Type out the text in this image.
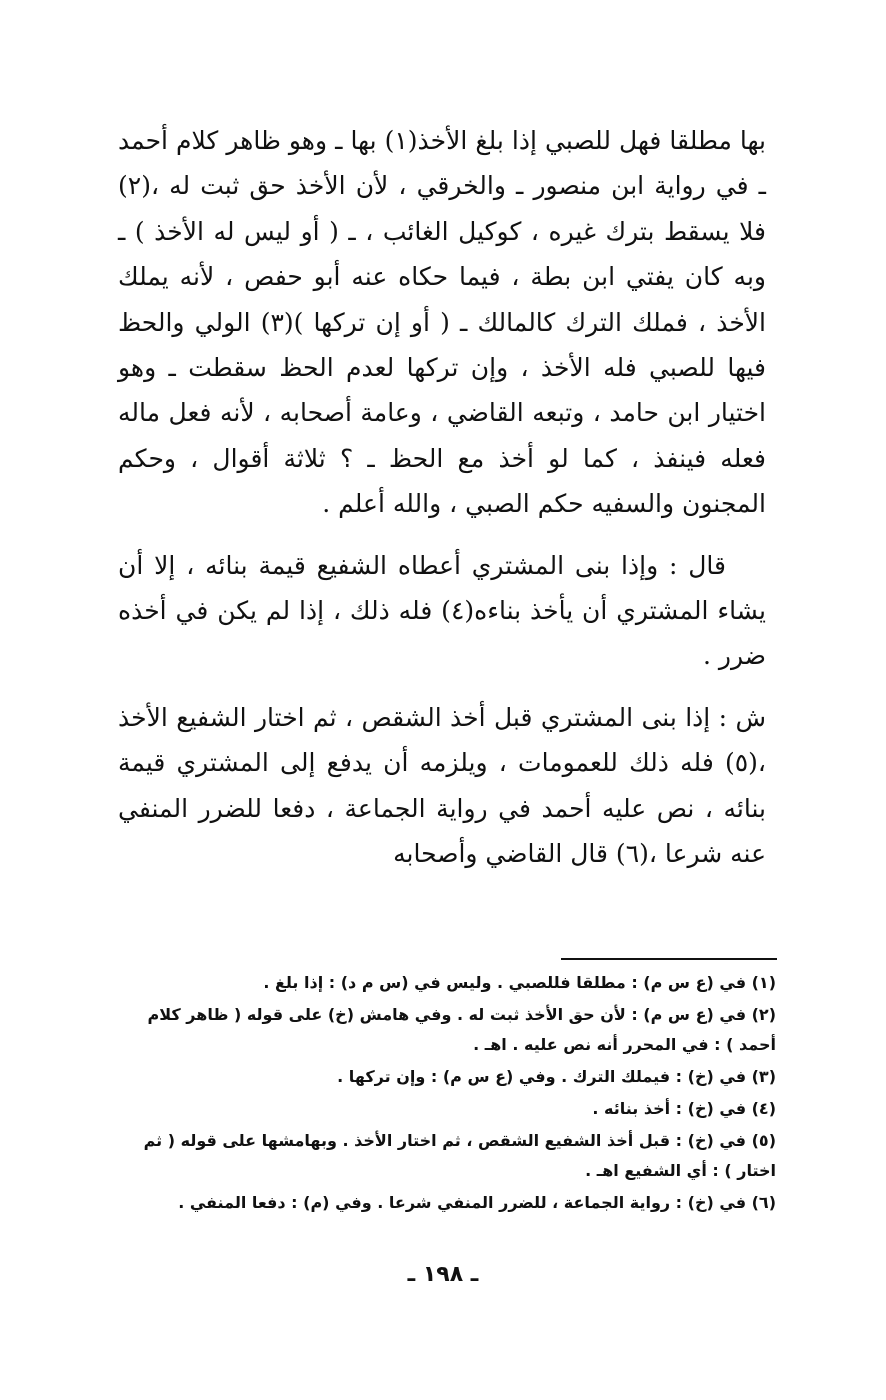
بها مطلقا فهل للصبي إذا بلغ الأخذ(١) بها ـ وهو ظاهر كلام أحمد ـ في رواية ابن منصور ـ والخرقي ، لأن الأخذ حق ثبت له ،(٢) فلا يسقط بترك غيره ، كوكيل الغائب ، ـ ( أو ليس له الأخذ ) ـ وبه كان يفتي ابن بطة ، فيما حكاه عنه أبو حفص ، لأنه يملك الأخذ ، فملك الترك كالمالك ـ ( أو إن تركها )(٣) الولي والحظ فيها للصبي فله الأخذ ، وإن تركها لعدم الحظ سقطت ـ وهو اختيار ابن حامد ، وتبعه القاضي ، وعامة أصحابه ، لأنه فعل ماله فعله فينفذ ، كما لو أخذ مع الحظ ـ ؟ ثلاثة أقوال ، وحكم المجنون والسفيه حكم الصبي ، والله أعلم .

قال : وإذا بنى المشتري أعطاه الشفيع قيمة بنائه ، إلا أن يشاء المشتري أن يأخذ بناءه(٤) فله ذلك ، إذا لم يكن في أخذه ضرر .

ش : إذا بنى المشتري قبل أخذ الشقص ، ثم اختار الشفيع الأخذ ،(٥) فله ذلك للعمومات ، ويلزمه أن يدفع إلى المشتري قيمة بنائه ، نص عليه أحمد في رواية الجماعة ، دفعا للضرر المنفي عنه شرعا ،(٦) قال القاضي وأصحابه

(١) في (ع س م) : مطلقا فللصبي . وليس في (س م د) : إذا بلغ .

(٢) في (ع س م) : لأن حق الأخذ ثبت له . وفي هامش (خ) على قوله ( ظاهر كلام أحمد ) : في المحرر أنه نص عليه . اهـ .

(٣) في (خ) : فيملك الترك . وفي (ع س م) : وإن تركها .

(٤) في (خ) : أخذ بنائه .

(٥) في (خ) : قبل أخذ الشفيع الشقص ، ثم اختار الأخذ . وبهامشها على قوله ( ثم اختار ) : أي الشفيع اهـ .

(٦) في (خ) : رواية الجماعة ، للضرر المنفي شرعا . وفي (م) : دفعا المنفي .

ـ ١٩٨ ـ
